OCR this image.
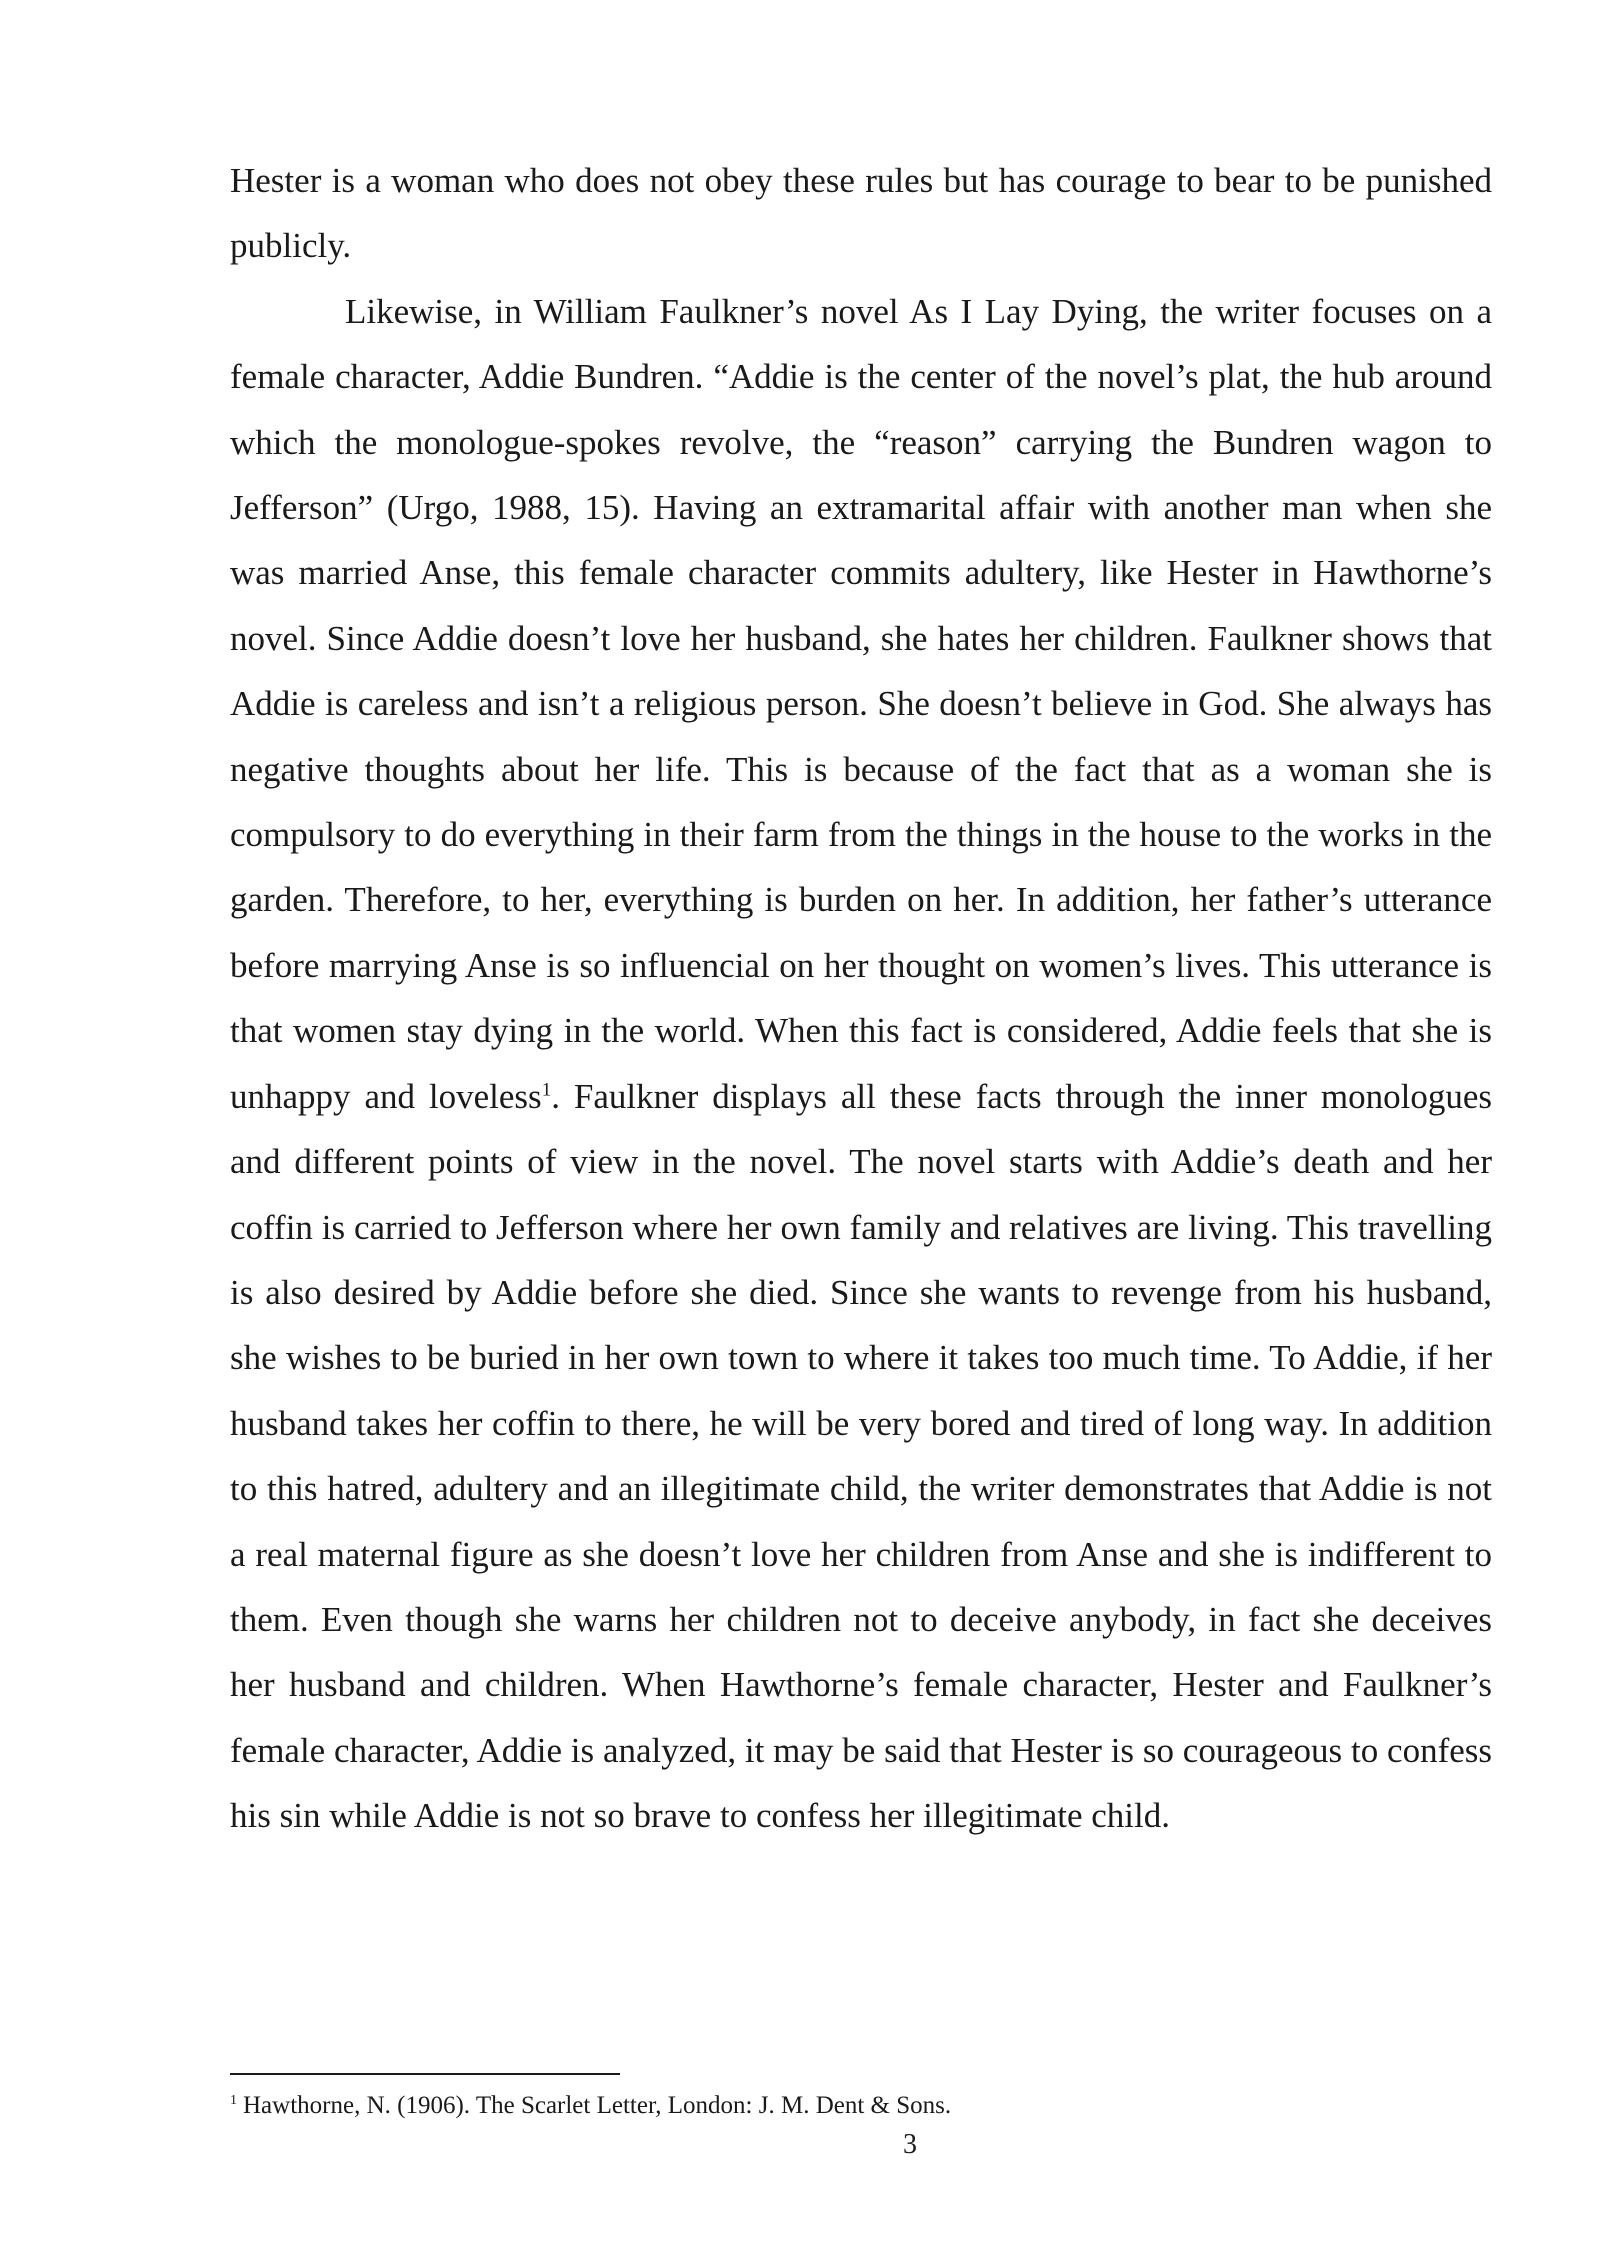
Hester is a woman who does not obey these rules but has courage to bear to be punished publicly.

Likewise, in William Faulkner’s novel As I Lay Dying, the writer focuses on a female character, Addie Bundren. “Addie is the center of the novel’s plat, the hub around which the monologue-spokes revolve, the “reason” carrying the Bundren wagon to Jefferson” (Urgo, 1988, 15). Having an extramarital affair with another man when she was married Anse, this female character commits adultery, like Hester in Hawthorne’s novel. Since Addie doesn’t love her husband, she hates her children. Faulkner shows that Addie is careless and isn’t a religious person. She doesn’t believe in God. She always has negative thoughts about her life. This is because of the fact that as a woman she is compulsory to do everything in their farm from the things in the house to the works in the garden. Therefore, to her, everything is burden on her. In addition, her father’s utterance before marrying Anse is so influencial on her thought on women’s lives. This utterance is that women stay dying in the world. When this fact is considered, Addie feels that she is unhappy and loveless$^1$. Faulkner displays all these facts through the inner monologues and different points of view in the novel. The novel starts with Addie’s death and her coffin is carried to Jefferson where her own family and relatives are living. This travelling is also desired by Addie before she died. Since she wants to revenge from his husband, she wishes to be buried in her own town to where it takes too much time. To Addie, if her husband takes her coffin to there, he will be very bored and tired of long way. In addition to this hatred, adultery and an illegitimate child, the writer demonstrates that Addie is not a real maternal figure as she doesn’t love her children from Anse and she is indifferent to them. Even though she warns her children not to deceive anybody, in fact she deceives her husband and children. When Hawthorne’s female character, Hester and Faulkner’s female character, Addie is analyzed, it may be said that Hester is so courageous to confess his sin while Addie is not so brave to confess her illegitimate child.

$^1$ Hawthorne, N. (1906). The Scarlet Letter, London: J. M. Dent & Sons.
3
